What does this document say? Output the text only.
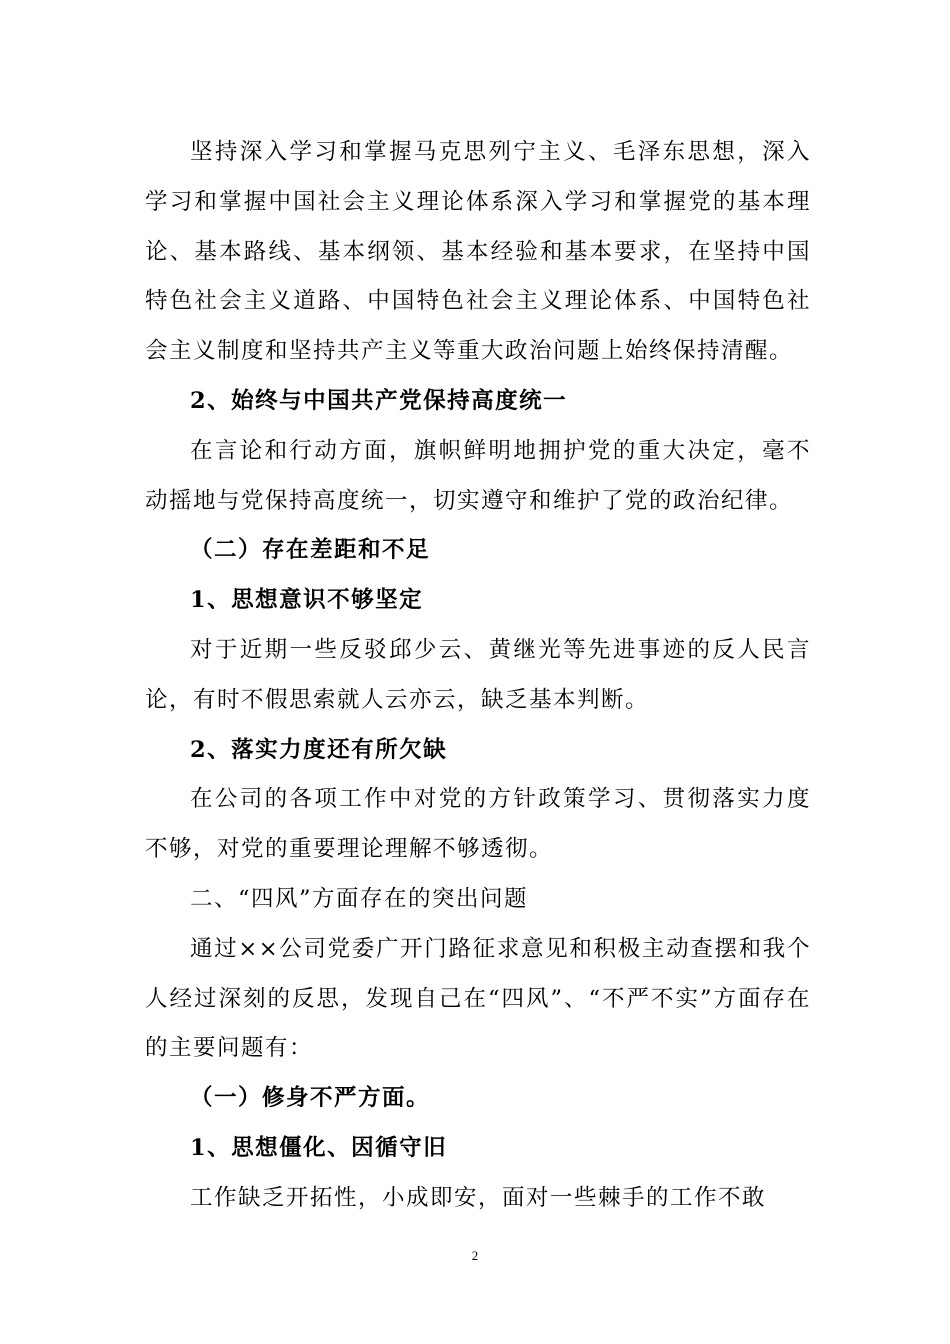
坚持深入学习和掌握马克思列宁主义、毛泽东思想，深入学习和掌握中国社会主义理论体系深入学习和掌握党的基本理论、基本路线、基本纲领、基本经验和基本要求，在坚持中国特色社会主义道路、中国特色社会主义理论体系、中国特色社会主义制度和坚持共产主义等重大政治问题上始终保持清醒。

2、始终与中国共产党保持高度统一

在言论和行动方面，旗帜鲜明地拥护党的重大决定，毫不动摇地与党保持高度统一，切实遵守和维护了党的政治纪律。

（二）存在差距和不足

1、思想意识不够坚定

对于近期一些反驳邱少云、黄继光等先进事迹的反人民言论，有时不假思索就人云亦云，缺乏基本判断。

2、落实力度还有所欠缺

在公司的各项工作中对党的方针政策学习、贯彻落实力度不够，对党的重要理论理解不够透彻。

二、“四风”方面存在的突出问题

通过××公司党委广开门路征求意见和积极主动查摆和我个人经过深刻的反思，发现自己在“四风”、“不严不实”方面存在的主要问题有：

（一）修身不严方面。

1、思想僵化、因循守旧

工作缺乏开拓性，小成即安，面对一些棘手的工作不敢

2
